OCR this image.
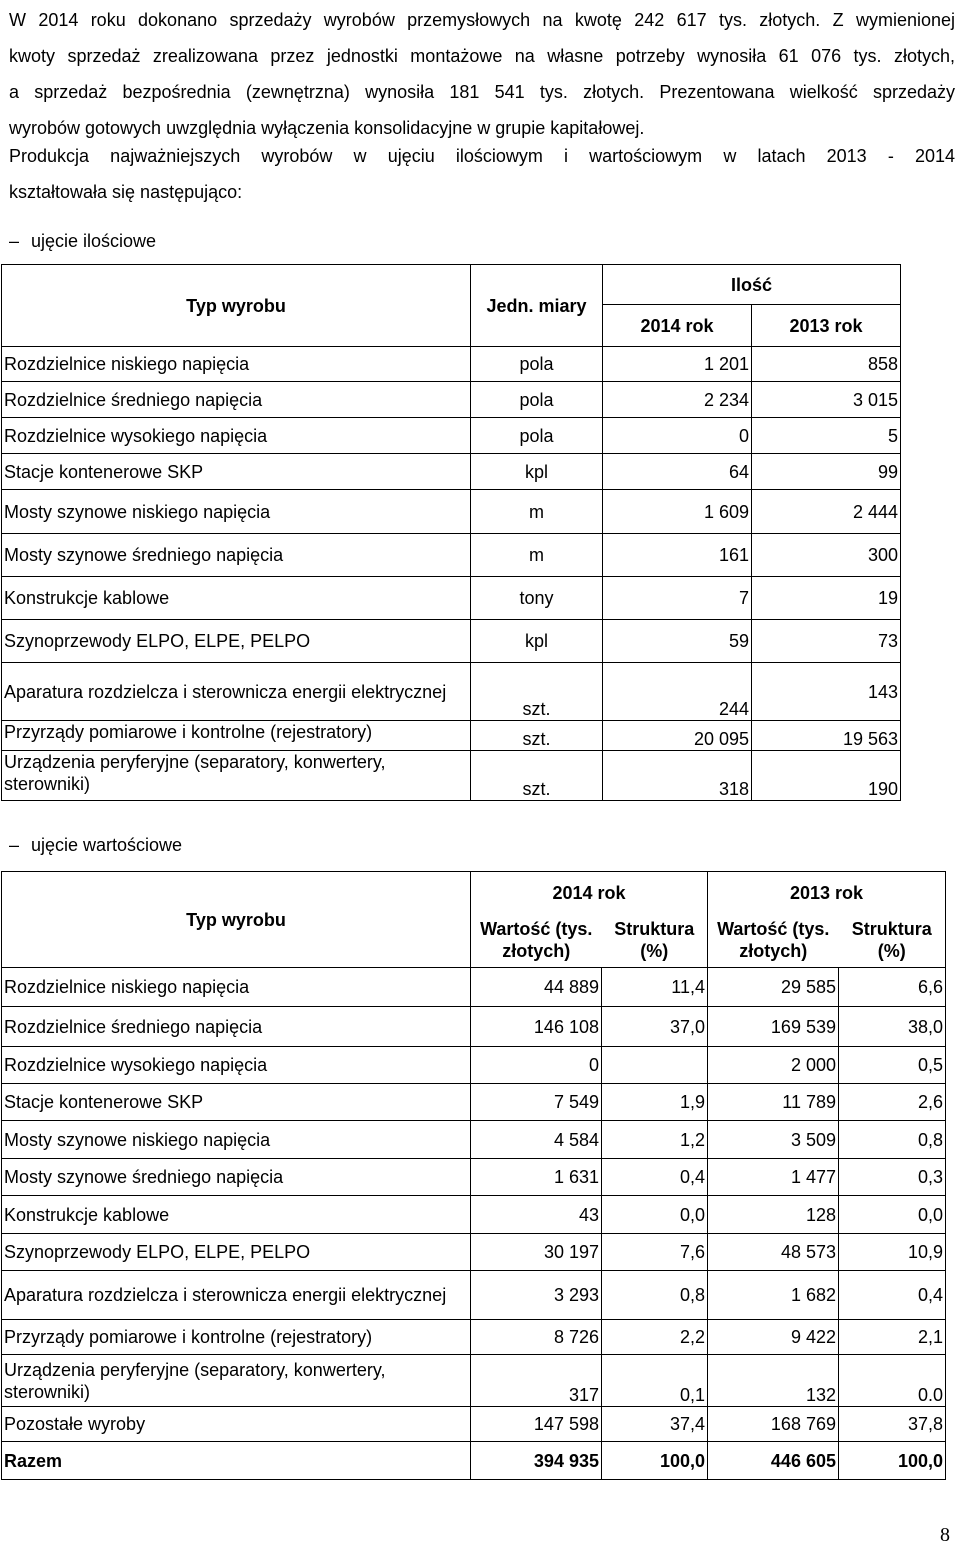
W 2014 roku dokonano sprzedaży wyrobów przemysłowych na kwotę 242 617 tys. złotych. Z wymienionej
kwoty sprzedaż zrealizowana przez jednostki montażowe na własne potrzeby wynosiła 61 076 tys. złotych,
a sprzedaż bezpośrednia (zewnętrzna) wynosiła 181 541 tys. złotych. Prezentowana wielkość sprzedaży
wyrobów gotowych uwzględnia wyłączenia konsolidacyjne w grupie kapitałowej.
Produkcja najważniejszych wyrobów w ujęciu ilościowym i wartościowym w latach 2013 - 2014
kształtowała się następująco:
– ujęcie ilościowe
Typ wyrobu	Jedn. miary	Ilość	
		2014 rok	2013 rok
Rozdzielnice niskiego napięcia	pola	1 201	858
Rozdzielnice średniego napięcia	pola	2 234	3 015
Rozdzielnice wysokiego napięcia	pola	0	5
Stacje kontenerowe SKP	kpl	64	99
Mosty szynowe niskiego napięcia	m	1 609	2 444
Mosty szynowe średniego napięcia	m	161	300
Konstrukcje kablowe	tony	7	19
Szynoprzewody ELPO, ELPE, PELPO	kpl	59	73
Aparatura rozdzielcza i sterownicza energii elektrycznej	szt.	244	143
Przyrządy pomiarowe i kontrolne (rejestratory)	szt.	20 095	19 563
Urządzenia peryferyjne (separatory, konwertery, sterowniki)	szt.	318	190
– ujęcie wartościowe
Typ wyrobu	2014 rok		2013 rok	
	Wartość (tys. złotych)	Struktura (%)	Wartość (tys. złotych)	Struktura (%)
Rozdzielnice niskiego napięcia	44 889	11,4	29 585	6,6
Rozdzielnice średniego napięcia	146 108	37,0	169 539	38,0
Rozdzielnice wysokiego napięcia	0		2 000	0,5
Stacje kontenerowe SKP	7 549	1,9	11 789	2,6
Mosty szynowe niskiego napięcia	4 584	1,2	3 509	0,8
Mosty szynowe średniego napięcia	1 631	0,4	1 477	0,3
Konstrukcje kablowe	43	0,0	128	0,0
Szynoprzewody ELPO, ELPE, PELPO	30 197	7,6	48 573	10,9
Aparatura rozdzielcza i sterownicza energii elektrycznej	3 293	0,8	1 682	0,4
Przyrządy pomiarowe i kontrolne (rejestratory)	8 726	2,2	9 422	2,1
Urządzenia peryferyjne (separatory, konwertery, sterowniki)	317	0,1	132	0.0
Pozostałe wyroby	147 598	37,4	168 769	37,8
Razem	394 935	100,0	446 605	100,0
8
